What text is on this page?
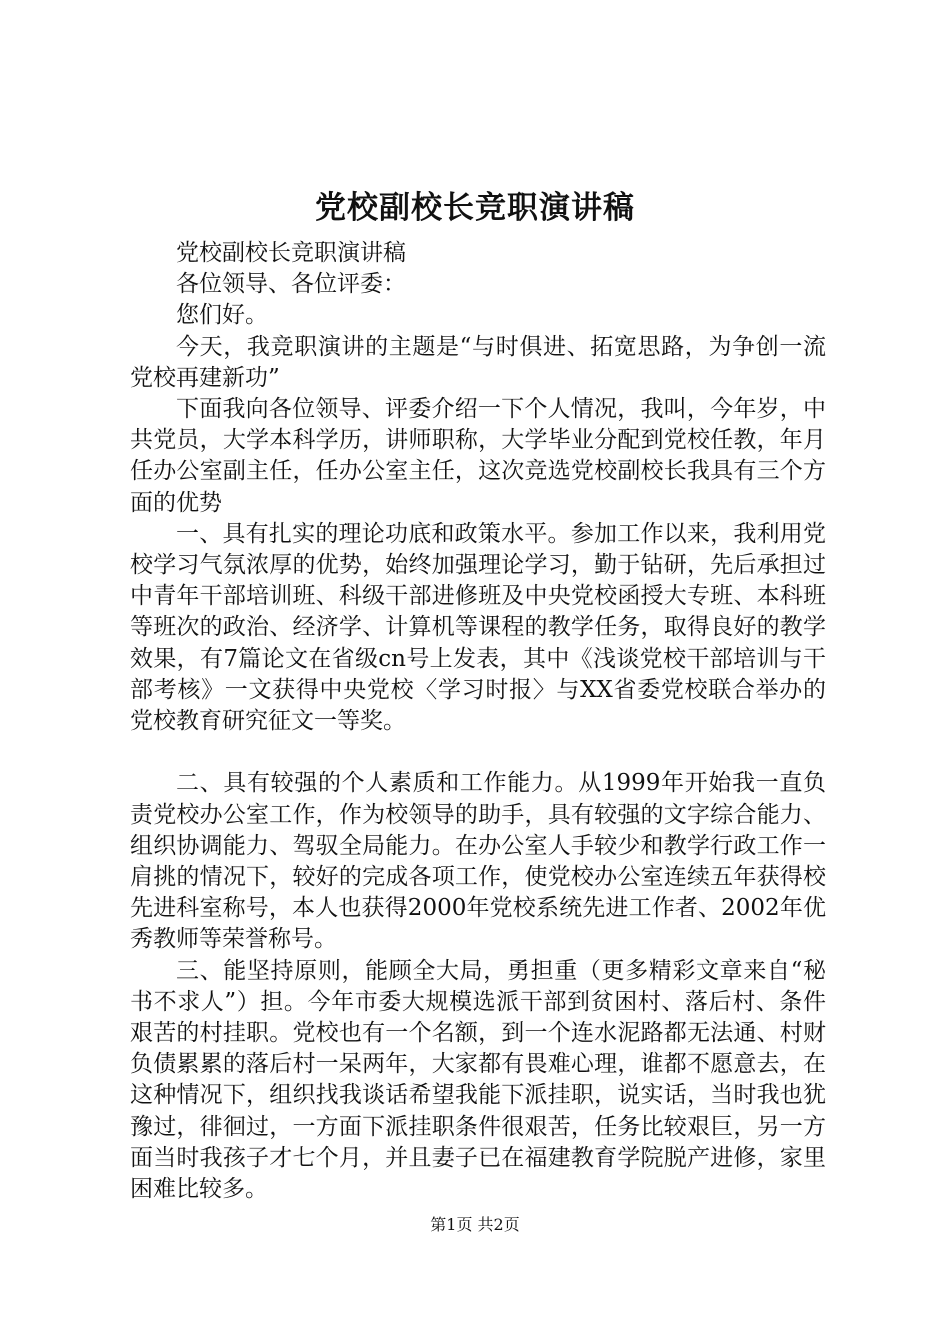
党校副校长竞职演讲稿

党校副校长竞职演讲稿

各位领导、各位评委：

您们好。

今天，我竞职演讲的主题是“与时俱进、拓宽思路，为争创一流党校再建新功”

下面我向各位领导、评委介绍一下个人情况，我叫，今年岁，中共党员，大学本科学历，讲师职称，大学毕业分配到党校任教，年月任办公室副主任，任办公室主任，这次竞选党校副校长我具有三个方面的优势

一、具有扎实的理论功底和政策水平。参加工作以来，我利用党校学习气氛浓厚的优势，始终加强理论学习，勤于钻研，先后承担过中青年干部培训班、科级干部进修班及中央党校函授大专班、本科班等班次的政治、经济学、计算机等课程的教学任务，取得良好的教学效果，有7篇论文在省级cn号上发表，其中《浅谈党校干部培训与干部考核》一文获得中央党校〈学习时报〉与XX省委党校联合举办的党校教育研究征文一等奖。

二、具有较强的个人素质和工作能力。从1999年开始我一直负责党校办公室工作，作为校领导的助手，具有较强的文字综合能力、组织协调能力、驾驭全局能力。在办公室人手较少和教学行政工作一肩挑的情况下，较好的完成各项工作，使党校办公室连续五年获得校先进科室称号，本人也获得2000年党校系统先进工作者、2002年优秀教师等荣誉称号。

三、能坚持原则，能顾全大局，勇担重（更多精彩文章来自“秘书不求人”）担。今年市委大规模选派干部到贫困村、落后村、条件艰苦的村挂职。党校也有一个名额，到一个连水泥路都无法通、村财负债累累的落后村一呆两年，大家都有畏难心理，谁都不愿意去，在这种情况下，组织找我谈话希望我能下派挂职，说实话，当时我也犹豫过，徘徊过，一方面下派挂职条件很艰苦，任务比较艰巨，另一方面当时我孩子才七个月，并且妻子已在福建教育学院脱产进修，家里困难比较多。

第1页 共2页
